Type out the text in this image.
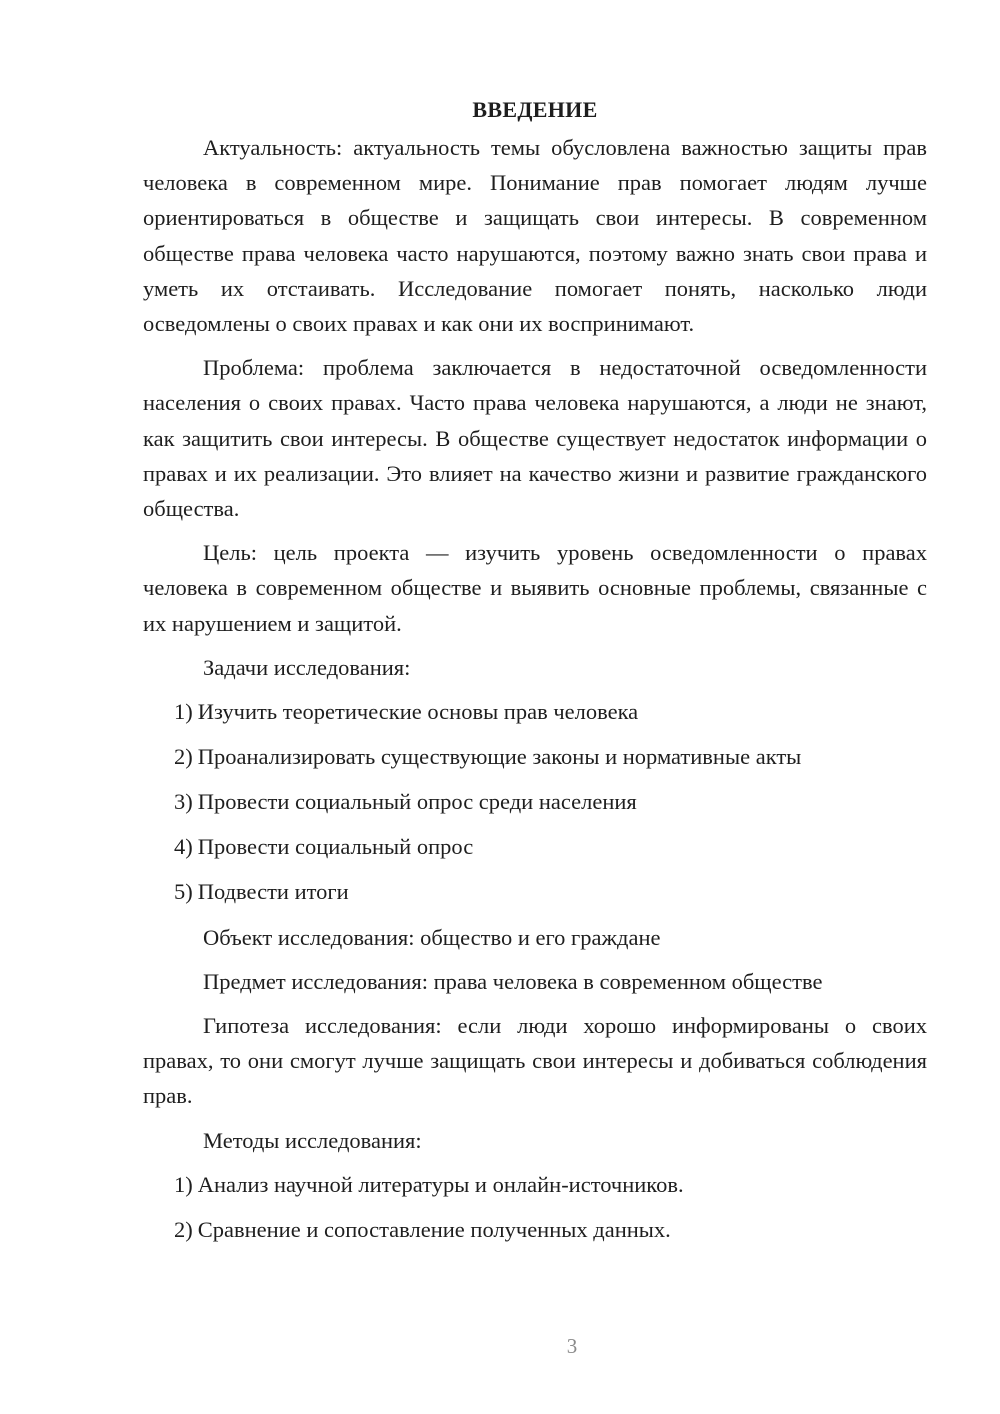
ВВЕДЕНИЕ

Актуальность: актуальность темы обусловлена важностью защиты прав человека в современном мире. Понимание прав помогает людям лучше ориентироваться в обществе и защищать свои интересы. В современном обществе права человека часто нарушаются, поэтому важно знать свои права и уметь их отстаивать. Исследование помогает понять, насколько люди осведомлены о своих правах и как они их воспринимают.

Проблема: проблема заключается в недостаточной осведомленности населения о своих правах. Часто права человека нарушаются, а люди не знают, как защитить свои интересы. В обществе существует недостаток информации о правах и их реализации. Это влияет на качество жизни и развитие гражданского общества.

Цель: цель проекта — изучить уровень осведомленности о правах человека в современном обществе и выявить основные проблемы, связанные с их нарушением и защитой.

Задачи исследования:

1) Изучить теоретические основы прав человека
2) Проанализировать существующие законы и нормативные акты
3) Провести социальный опрос среди населения
4) Провести социальный опрос
5) Подвести итоги

Объект исследования: общество и его граждане

Предмет исследования: права человека в современном обществе

Гипотеза исследования: если люди хорошо информированы о своих правах, то они смогут лучше защищать свои интересы и добиваться соблюдения прав.

Методы исследования:

1) Анализ научной литературы и онлайн-источников.
2) Сравнение и сопоставление полученных данных.
3
